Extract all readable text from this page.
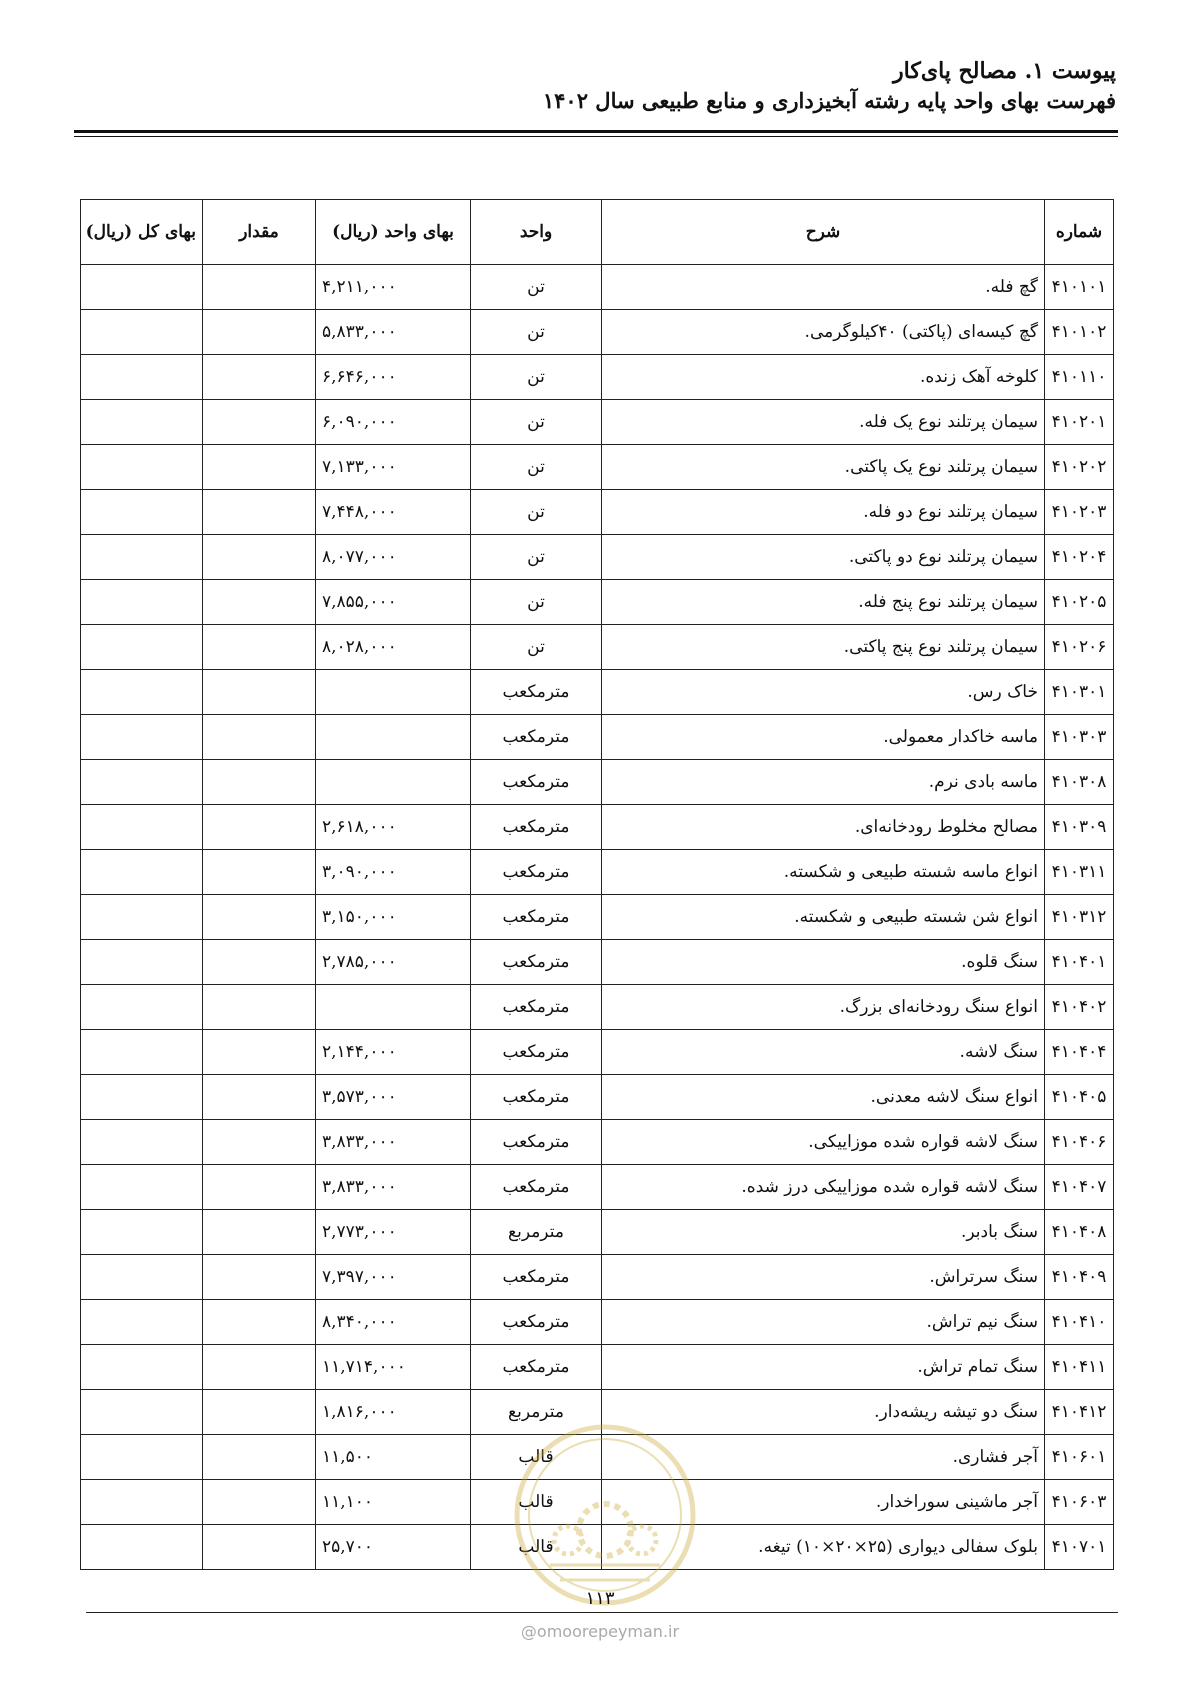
پیوست ۱. مصالح پای‌کار
فهرست بهای واحد پایه رشته آبخیزداری و منابع طبیعی سال ۱۴۰۲
شماره	شرح	واحد	بهای واحد (ریال)	مقدار	بهای کل (ریال)
۴۱۰۱۰۱	گچ فله.	تن	۴,۲۱۱,۰۰۰		
۴۱۰۱۰۲	گچ کیسه‌ای (پاکتی) ۴۰کیلوگرمی.	تن	۵,۸۳۳,۰۰۰		
۴۱۰۱۱۰	کلوخه آهک زنده.	تن	۶,۶۴۶,۰۰۰		
۴۱۰۲۰۱	سیمان پرتلند نوع یک فله.	تن	۶,۰۹۰,۰۰۰		
۴۱۰۲۰۲	سیمان پرتلند نوع یک پاکتی.	تن	۷,۱۳۳,۰۰۰		
۴۱۰۲۰۳	سیمان پرتلند نوع دو فله.	تن	۷,۴۴۸,۰۰۰		
۴۱۰۲۰۴	سیمان پرتلند نوع دو پاکتی.	تن	۸,۰۷۷,۰۰۰		
۴۱۰۲۰۵	سیمان پرتلند نوع پنج فله.	تن	۷,۸۵۵,۰۰۰		
۴۱۰۲۰۶	سیمان پرتلند نوع پنج پاکتی.	تن	۸,۰۲۸,۰۰۰		
۴۱۰۳۰۱	خاک رس.	مترمکعب			
۴۱۰۳۰۳	ماسه خاکدار معمولی.	مترمکعب			
۴۱۰۳۰۸	ماسه بادی نرم.	مترمکعب			
۴۱۰۳۰۹	مصالح مخلوط رودخانه‌ای.	مترمکعب	۲,۶۱۸,۰۰۰		
۴۱۰۳۱۱	انواع ماسه شسته طبیعی و شکسته.	مترمکعب	۳,۰۹۰,۰۰۰		
۴۱۰۳۱۲	انواع شن شسته طبیعی و شکسته.	مترمکعب	۳,۱۵۰,۰۰۰		
۴۱۰۴۰۱	سنگ قلوه.	مترمکعب	۲,۷۸۵,۰۰۰		
۴۱۰۴۰۲	انواع سنگ رودخانه‌ای بزرگ.	مترمکعب			
۴۱۰۴۰۴	سنگ لاشه.	مترمکعب	۲,۱۴۴,۰۰۰		
۴۱۰۴۰۵	انواع سنگ لاشه معدنی.	مترمکعب	۳,۵۷۳,۰۰۰		
۴۱۰۴۰۶	سنگ لاشه قواره شده موزاییکی.	مترمکعب	۳,۸۳۳,۰۰۰		
۴۱۰۴۰۷	سنگ لاشه قواره شده موزاییکی درز شده.	مترمکعب	۳,۸۳۳,۰۰۰		
۴۱۰۴۰۸	سنگ بادبر.	مترمربع	۲,۷۷۳,۰۰۰		
۴۱۰۴۰۹	سنگ سرتراش.	مترمکعب	۷,۳۹۷,۰۰۰		
۴۱۰۴۱۰	سنگ نیم تراش.	مترمکعب	۸,۳۴۰,۰۰۰		
۴۱۰۴۱۱	سنگ تمام تراش.	مترمکعب	۱۱,۷۱۴,۰۰۰		
۴۱۰۴۱۲	سنگ دو تیشه ریشه‌دار.	مترمربع	۱,۸۱۶,۰۰۰		
۴۱۰۶۰۱	آجر فشاری.	قالب	۱۱,۵۰۰		
۴۱۰۶۰۳	آجر ماشینی سوراخدار.	قالب	۱۱,۱۰۰		
۴۱۰۷۰۱	بلوک سفالی دیواری (۲۵×۲۰×۱۰) تیغه.	قالب	۲۵,۷۰۰		
۱۱۳
@omoorepeyman.ir
